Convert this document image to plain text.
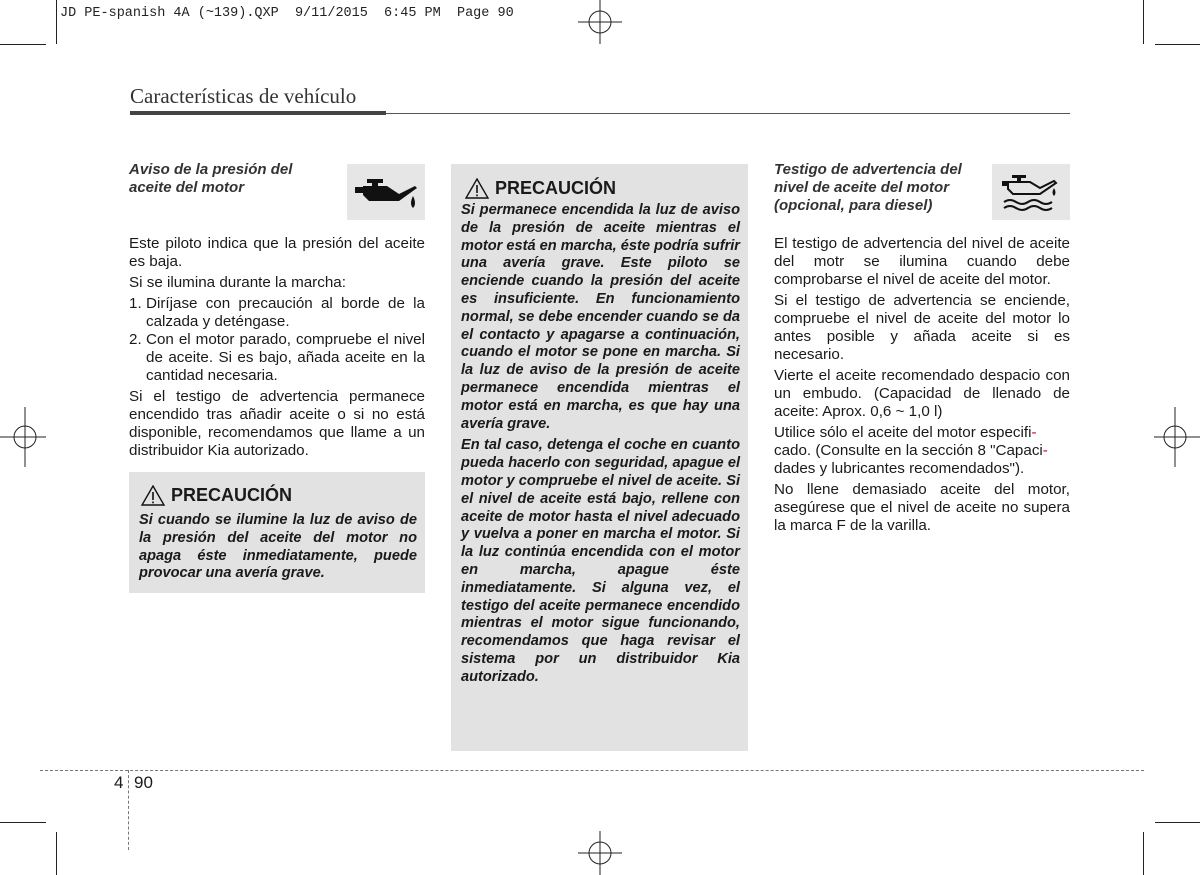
JD PE-spanish 4A (~139).QXP  9/11/2015  6:45 PM  Page 90
Características de vehículo
Aviso de la presión del
aceite del motor

Este piloto indica que la presión del aceite es baja.

Si se ilumina durante la marcha:

1. Diríjase con precaución al borde de la calzada y deténgase.
2. Con el motor parado, compruebe el nivel de aceite. Si es bajo, añada aceite en la cantidad necesaria.

Si el testigo de advertencia permanece encendido tras añadir aceite o si no está disponible, recomendamos que llame a un distribuidor Kia autorizado.

PRECAUCIÓN

Si cuando se ilumine la luz de aviso de la presión del aceite del motor no apaga éste inmediatamente, puede provocar una avería grave.

PRECAUCIÓN

Si permanece encendida la luz de aviso de la presión de aceite mientras el motor está en marcha, éste podría sufrir una avería grave. Este piloto se enciende cuando la presión del aceite es insuficiente. En funcionamiento normal, se debe encender cuando se da el contacto y apagarse a continuación, cuando el motor se pone en marcha. Si la luz de aviso de la presión de aceite permanece encendida mientras el motor está en marcha, es que hay una avería grave.

En tal caso, detenga el coche en cuanto pueda hacerlo con seguridad, apague el motor y compruebe el nivel de aceite. Si el nivel de aceite está bajo, rellene con aceite de motor hasta el nivel adecuado y vuelva a poner en marcha el motor. Si la luz continúa encendida con el motor en marcha, apague éste inmediatamente. Si alguna vez, el testigo del aceite permanece encendido mientras el motor sigue funcionando, recomendamos que haga revisar el sistema por un distribuidor Kia autorizado.

Testigo de advertencia del
nivel de aceite del motor
(opcional, para diesel)

El testigo de advertencia del nivel de aceite del motr se ilumina cuando debe comprobarse el nivel de aceite del motor.

Si el testigo de advertencia se enciende, compruebe el nivel de aceite del motor lo antes posible y añada aceite si es necesario.

Vierte el aceite recomendado despacio con un embudo. (Capacidad de llenado de aceite: Aprox. 0,6 ~ 1,0 l)

Utilice sólo el aceite del motor especifi-
cado. (Consulte en la sección 8 "Capaci-
dades y lubricantes recomendados").

No llene demasiado aceite del motor, asegúrese que el nivel de aceite no supera la marca F de la varilla.

4 90
